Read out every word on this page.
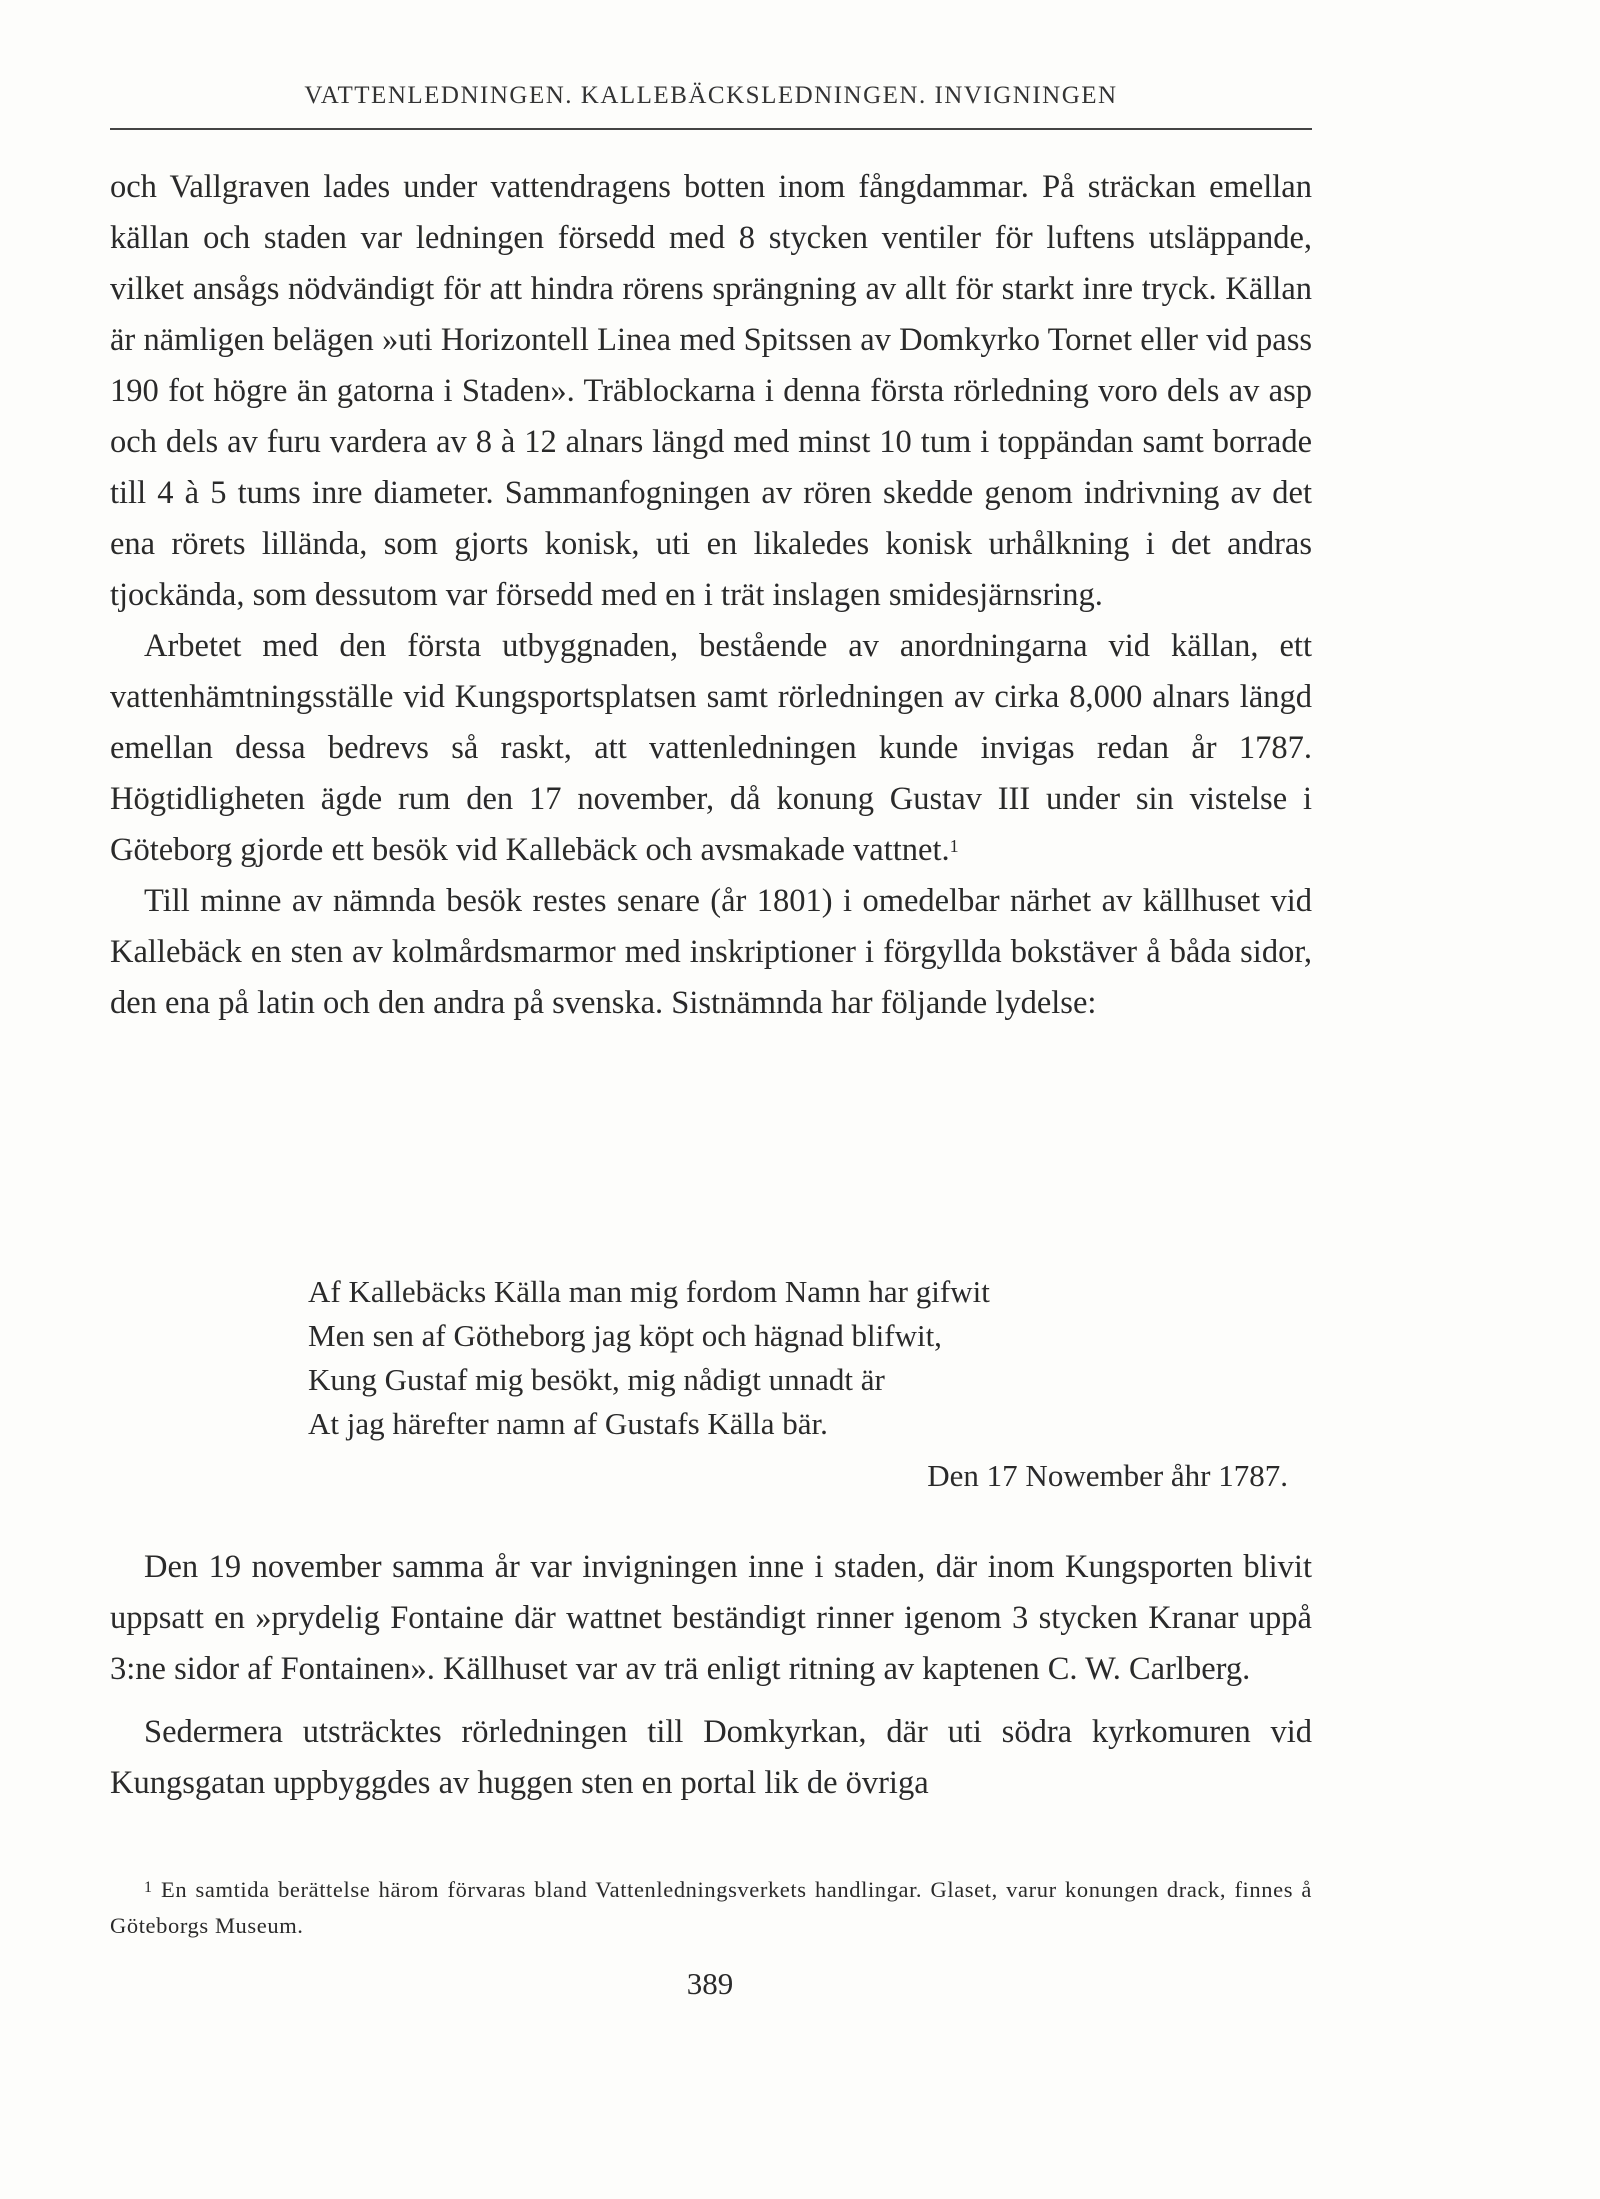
VATTENLEDNINGEN. KALLEBÄCKSLEDNINGEN. INVIGNINGEN

och Vallgraven lades under vattendragens botten inom fångdammar. På sträckan emellan källan och staden var ledningen försedd med 8 stycken ventiler för luftens utsläppande, vilket ansågs nödvändigt för att hindra rörens sprängning av allt för starkt inre tryck. Källan är nämligen belägen »uti Horizontell Linea med Spitssen av Domkyrko Tornet eller vid pass 190 fot högre än gatorna i Staden». Träblockarna i denna första rörledning voro dels av asp och dels av furu vardera av 8 à 12 alnars längd med minst 10 tum i toppändan samt borrade till 4 à 5 tums inre diameter. Sammanfogningen av rören skedde genom indrivning av det ena rörets lilländа, som gjorts konisk, uti en likaledes konisk urhålkning i det andras tjockända, som dessutom var försedd med en i trät inslagen smidesjärnsring.

Arbetet med den första utbyggnaden, bestående av anordningarna vid källan, ett vattenhämtningsställe vid Kungsportsplatsen samt rörledningen av cirka 8,000 alnars längd emellan dessa bedrevs så raskt, att vattenledningen kunde invigas redan år 1787. Högtidligheten ägde rum den 17 november, då konung Gustav III under sin vistelse i Göteborg gjorde ett besök vid Kallebäck och avsmakade vattnet.$^1$

Till minne av nämnda besök restes senare (år 1801) i omedelbar närhet av källhuset vid Kallebäck en sten av kolmårdsmarmor med inskriptioner i förgyllda bokstäver å båda sidor, den ena på latin och den andra på svenska. Sistnämnda har följande lydelse:

Af Kallebäcks Källa man mig fordom Namn har gifwit
Men sen af Götheborg jag köpt och hägnad blifwit,
Kung Gustaf mig besökt, mig nådigt unnadt är
At jag härefter namn af Gustafs Källa bär.
Den 17 Nowember åhr 1787.

Den 19 november samma år var invigningen inne i staden, där inom Kungsporten blivit uppsatt en »prydelig Fontaine där wattnet beständigt rinner igenom 3 stycken Kranar uppå 3:ne sidor af Fontainen». Källhuset var av trä enligt ritning av kaptenen C. W. Carlberg.

Sedermera utsträcktes rörledningen till Domkyrkan, där uti södra kyrkomuren vid Kungsgatan uppbyggdes av huggen sten en portal lik de övriga

$^1$ En samtida berättelse härom förvaras bland Vattenledningsverkets handlingar. Glaset, varur konungen drack, finnes å Göteborgs Museum.

389
